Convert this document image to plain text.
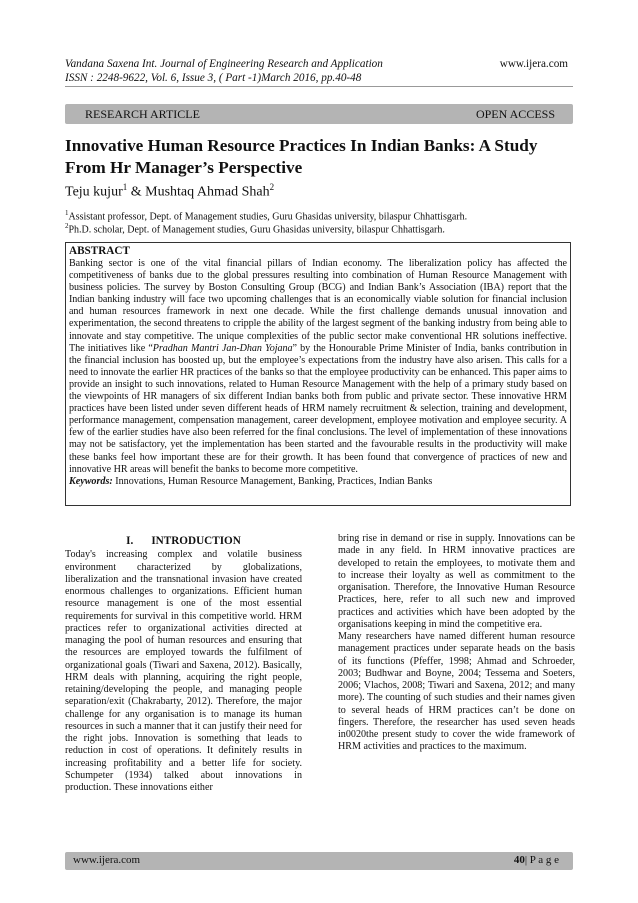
Vandana Saxena Int. Journal of Engineering Research and Application
ISSN : 2248-9622, Vol. 6, Issue 3, ( Part -1)March 2016, pp.40-48
www.ijera.com
RESEARCH ARTICLE	OPEN ACCESS
Innovative Human Resource Practices In Indian Banks: A Study From Hr Manager’s Perspective
Teju kujur$^1$ & Mushtaq Ahmad Shah$^2$
$^1$Assistant professor, Dept. of Management studies, Guru Ghasidas university, bilaspur Chhattisgarh.
$^2$Ph.D. scholar, Dept. of Management studies, Guru Ghasidas university, bilaspur Chhattisgarh.
ABSTRACT
Banking sector is one of the vital financial pillars of Indian economy. The liberalization policy has affected the competitiveness of banks due to the global pressures resulting into combination of Human Resource Management with business policies. The survey by Boston Consulting Group (BCG) and Indian Bank’s Association (IBA) report that the Indian banking industry will face two upcoming challenges that is an economically viable solution for financial inclusion and human resources framework in next one decade. While the first challenge demands unusual innovation and experimentation, the second threatens to cripple the ability of the largest segment of the banking industry from being able to innovate and stay competitive. The unique complexities of the public sector make conventional HR solutions ineffective. The initiatives like “Pradhan Mantri Jan-Dhan Yojana” by the Honourable Prime Minister of India, banks contribution in the financial inclusion has boosted up, but the employee’s expectations from the industry have also arisen. This calls for a need to innovate the earlier HR practices of the banks so that the employee productivity can be enhanced. This paper aims to provide an insight to such innovations, related to Human Resource Management with the help of a primary study based on the viewpoints of HR managers of six different Indian banks both from public and private sector. These innovative HRM practices have been listed under seven different heads of HRM namely recruitment & selection, training and development, performance management, compensation management, career development, employee motivation and employee security. A few of the earlier studies have also been referred for the final conclusions. The level of implementation of these innovations may not be satisfactory, yet the implementation has been started and the favourable results in the productivity will make these banks feel how important these are for their growth. It has been found that convergence of practices of new and innovative HR areas will benefit the banks to become more competitive.
Keywords: Innovations, Human Resource Management, Banking, Practices, Indian Banks
I. INTRODUCTION

Today's increasing complex and volatile business environment characterized by globalizations, liberalization and the transnational invasion have created enormous challenges to organizations. Efficient human resource management is one of the most essential requirements for survival in this competitive world. HRM practices refer to organizational activities directed at managing the pool of human resources and ensuring that the resources are employed towards the fulfilment of organizational goals (Tiwari and Saxena, 2012). Basically, HRM deals with planning, acquiring the right people, retaining/developing the people, and managing people separation/exit (Chakrabarty, 2012). Therefore, the major challenge for any organisation is to manage its human resources in such a manner that it can justify their need for the right jobs. Innovation is something that leads to reduction in cost of operations. It definitely results in increasing profitability and a better life for society. Schumpeter (1934) talked about innovations in production. These innovations either

bring rise in demand or rise in supply. Innovations can be made in any field. In HRM innovative practices are developed to retain the employees, to motivate them and to increase their loyalty as well as commitment to the organisation. Therefore, the Innovative Human Resource Practices, here, refer to all such new and improved practices and activities which have been adopted by the organisations keeping in mind the competitive era.

Many researchers have named different human resource management practices under separate heads on the basis of its functions (Pfeffer, 1998; Ahmad and Schroeder, 2003; Budhwar and Boyne, 2004; Tessema and Soeters, 2006; Vlachos, 2008; Tiwari and Saxena, 2012; and many more). The counting of such studies and their names given to several heads of HRM practices can’t be done on fingers. Therefore, the researcher has used seven heads in0020the present study to cover the wide framework of HRM activities and practices to the maximum.

www.ijera.com	40| P a g e
